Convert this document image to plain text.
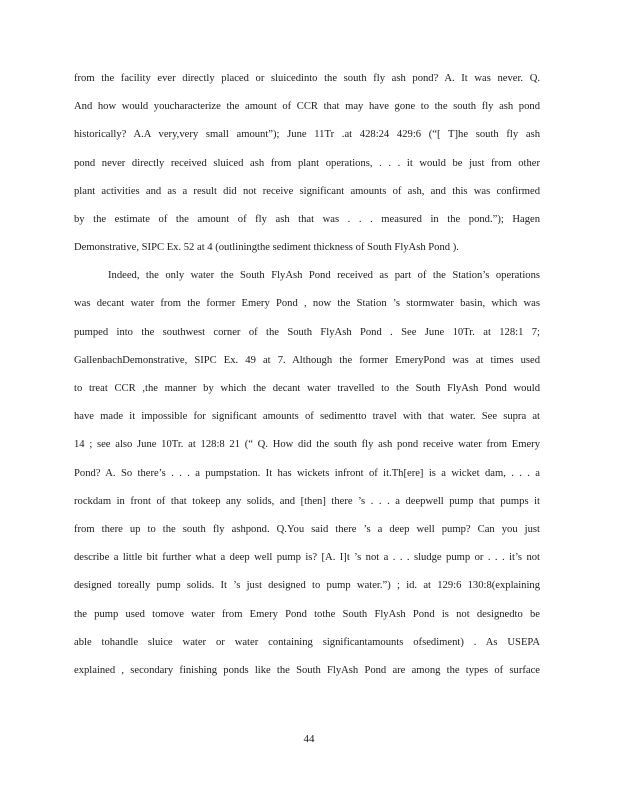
from the facility ever directly placed or sluicedinto the south fly ash pond? A. It was never. Q.
And how would youcharacterize the amount of CCR that may have gone to the south fly ash pond
historically? A.A very,very small amount”); June 11Tr .at 428:24 429:6 (“[ T]he south fly ash
pond never directly received sluiced ash from plant operations, . . . it would be just from other
plant activities and as a result did not receive significant amounts of ash, and this was confirmed
by the estimate of the amount of fly ash that was . . . measured in the pond.”); Hagen
Demonstrative, SIPC Ex. 52 at 4 (outliningthe sediment thickness of South FlyAsh Pond ).
Indeed, the only water the South FlyAsh Pond received as part of the Station’s operations
was decant water from the former Emery Pond , now the Station ’s stormwater basin, which was
pumped into the southwest corner of the South FlyAsh Pond . See June 10Tr. at 128:1 7;
GallenbachDemonstrative, SIPC Ex. 49 at 7. Although the former EmeryPond was at times used
to treat CCR ,the manner by which the decant water travelled to the South FlyAsh Pond would
have made it impossible for significant amounts of sedimentto travel with that water. See supra at
14 ; see also June 10Tr. at 128:8 21 (“ Q. How did the south fly ash pond receive water from Emery
Pond? A. So there’s . . . a pumpstation. It has wickets infront of it.Th[ere] is a wicket dam, . . . a
rockdam in front of that tokeep any solids, and [then] there ’s . . . a deepwell pump that pumps it
from there up to the south fly ashpond. Q.You said there ’s a deep well pump? Can you just
describe a little bit further what a deep well pump is? [A. I]t ’s not a . . . sludge pump or . . . it’s not
designed toreally pump solids. It ’s just designed to pump water.”) ; id. at 129:6 130:8(explaining
the pump used tomove water from Emery Pond tothe South FlyAsh Pond is not designedto be
able tohandle sluice water or water containing significantamounts ofsediment) . As USEPA
explained , secondary finishing ponds like the South FlyAsh Pond are among the types of surface
44
